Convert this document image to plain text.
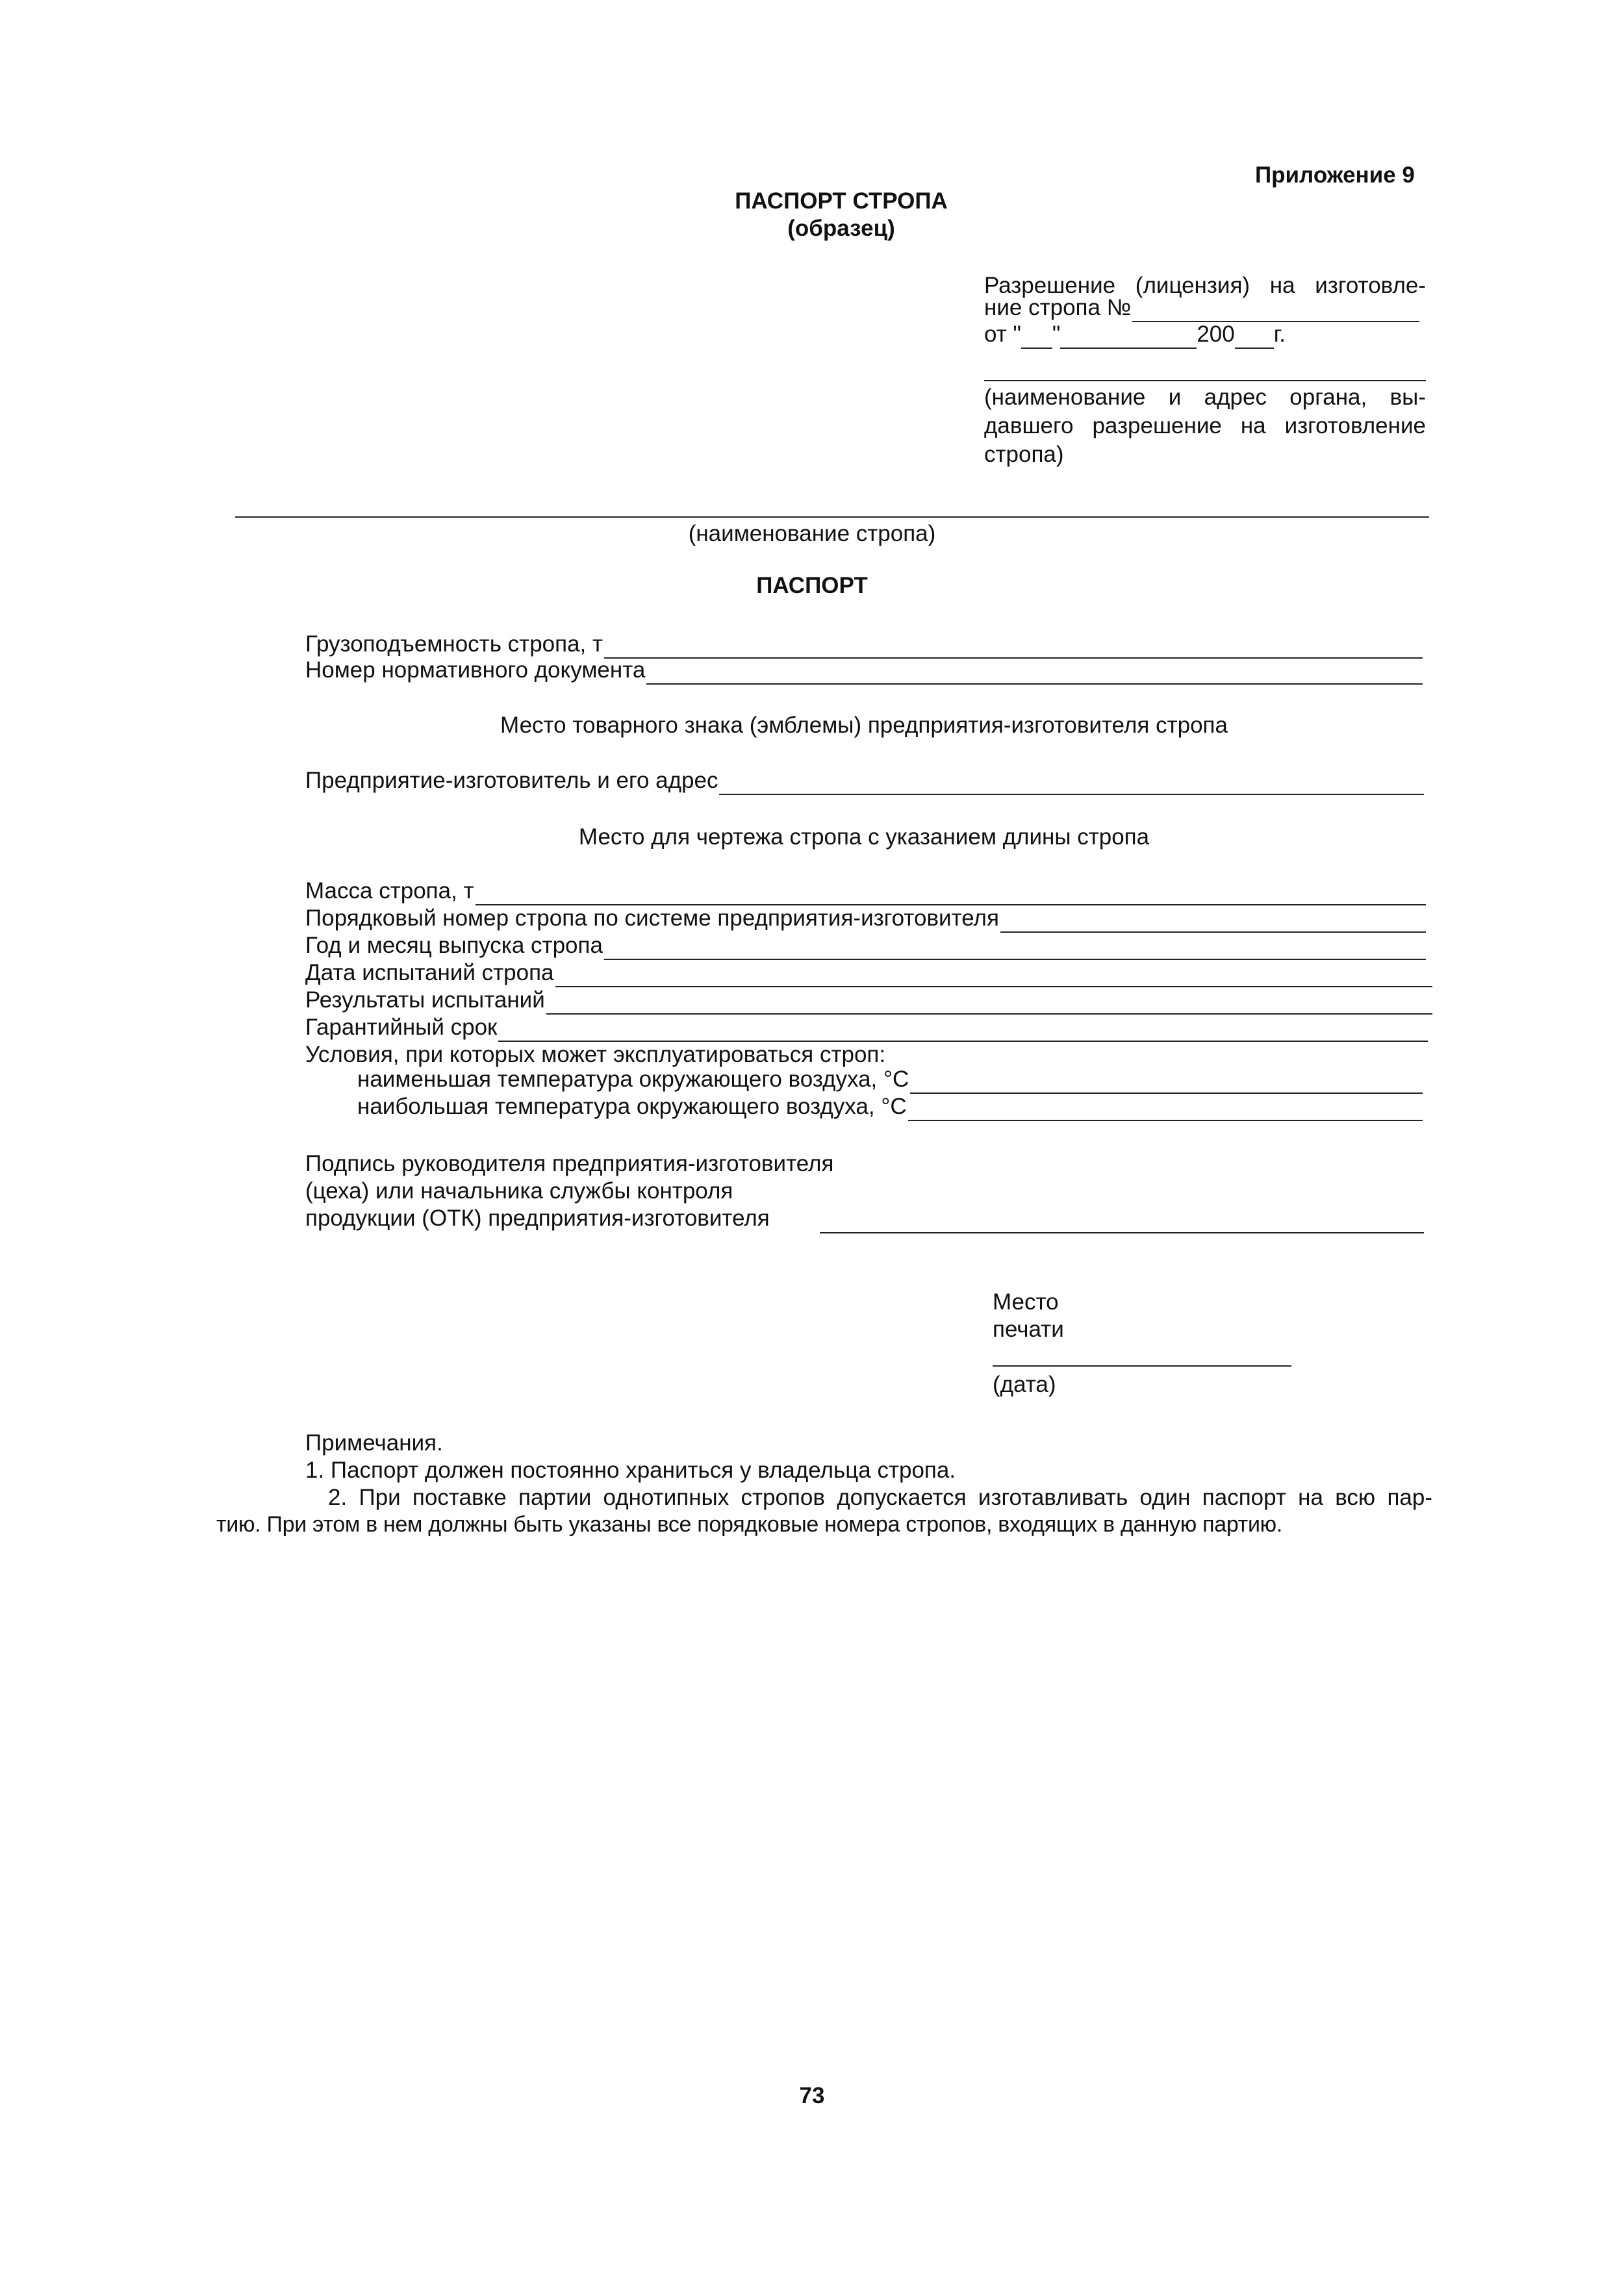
Приложение 9
ПАСПОРТ СТРОПА
(образец)
Разрешение (лицензия) на изготовле-
ние стропа №
от " "	200 г.
(наименование и адрес органа, вы- давшего разрешение на изготовление стропа)
(наименование стропа)
ПАСПОРТ
Грузоподъемность стропа, т
Номер нормативного документа
Место товарного знака (эмблемы) предприятия-изготовителя стропа
Предприятие-изготовитель и его адрес
Место для чертежа стропа с указанием длины стропа
Масса стропа, т
Порядковый номер стропа по системе предприятия-изготовителя
Год и месяц выпуска стропа
Дата испытаний стропа
Результаты испытаний
Гарантийный срок
Условия, при которых может эксплуатироваться строп:
наименьшая температура окружающего воздуха, °С
наибольшая температура окружающего воздуха, °С
Подпись руководителя предприятия-изготовителя
(цеха) или начальника службы контроля
продукции (ОТК) предприятия-изготовителя
Место
печати
(дата)
Примечания.
1. Паспорт должен постоянно храниться у владельца стропа.
2. При поставке партии однотипных стропов допускается изготавливать один паспорт на всю пар-
тию. При этом в нем должны быть указаны все порядковые номера стропов, входящих в данную партию.
73
